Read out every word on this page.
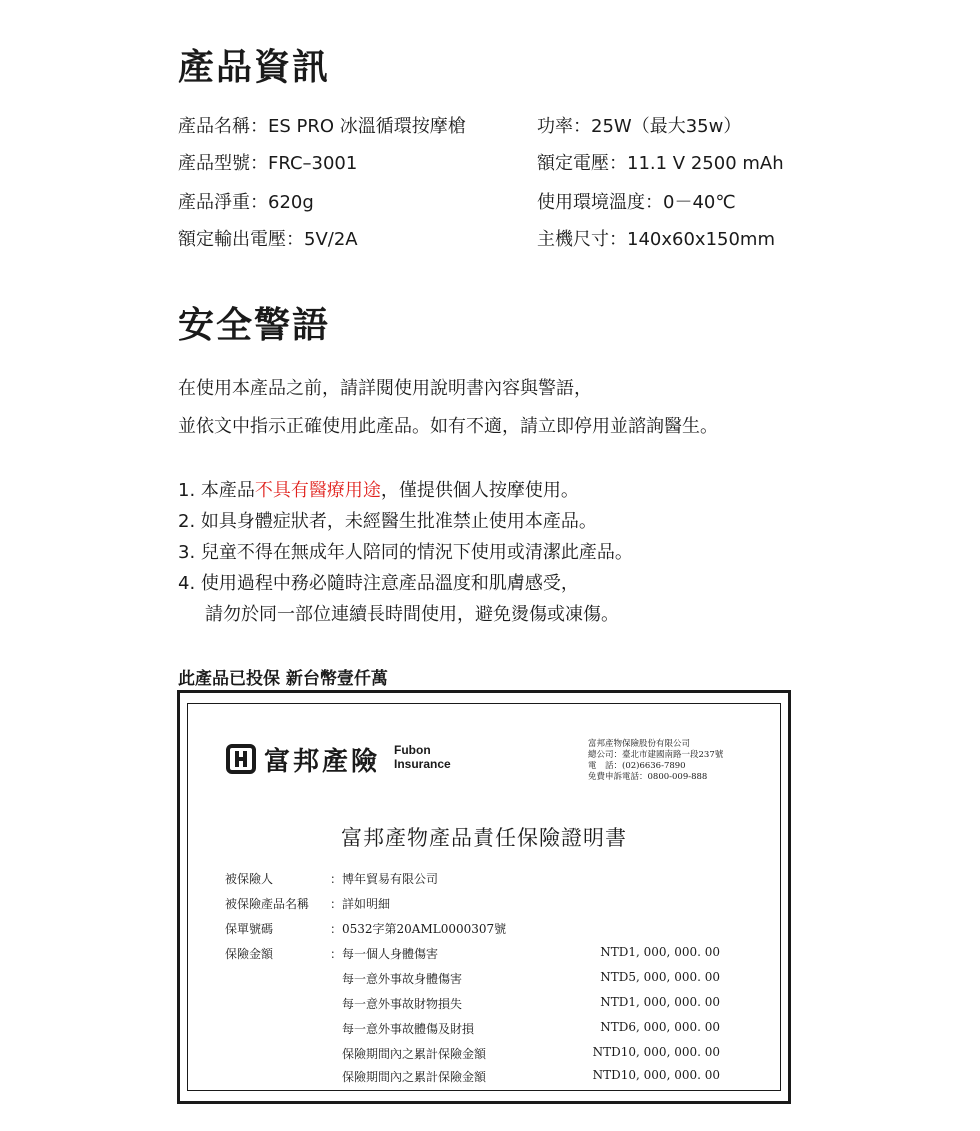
產品資訊
產品名稱：ES PRO 冰溫循環按摩槍	功率：25W（最大35w）
產品型號：FRC–3001	額定電壓：11.1 V 2500 mAh
產品淨重：620g	使用環境溫度：0－40℃
額定輸出電壓：5V/2A	主機尺寸：140x60x150mm
安全警語
在使用本產品之前，請詳閱使用說明書內容與警語，
並依文中指示正確使用此產品。如有不適，請立即停用並諮詢醫生。
1. 本產品不具有醫療用途，僅提供個人按摩使用。
2. 如具身體症狀者，未經醫生批准禁止使用本產品。
3. 兒童不得在無成年人陪同的情況下使用或清潔此產品。
4. 使用過程中務必隨時注意產品溫度和肌膚感受，
請勿於同一部位連續長時間使用，避免燙傷或凍傷。
此產品已投保 新台幣壹仟萬
富邦產險 Fubon
Insurance
富邦產物保險股份有限公司
總公司：臺北市建國南路一段237號
電　話：(02)6636-7890
免費申訴電話：0800-009-888
富邦產物產品責任保險證明書
被保險人	：博年貿易有限公司
被保險產品名稱 ：詳如明細
保單號碼	：0532字第20AML0000307號
保險金額	：每一個人身體傷害	NTD1, 000, 000. 00
每一意外事故身體傷害	NTD5, 000, 000. 00
每一意外事故財物損失	NTD1, 000, 000. 00
每一意外事故體傷及財損	NTD6, 000, 000. 00
保險期間內之累計保險金額	NTD10, 000, 000. 00
保險期間內之累計保險金額	NTD10, 000, 000. 00
